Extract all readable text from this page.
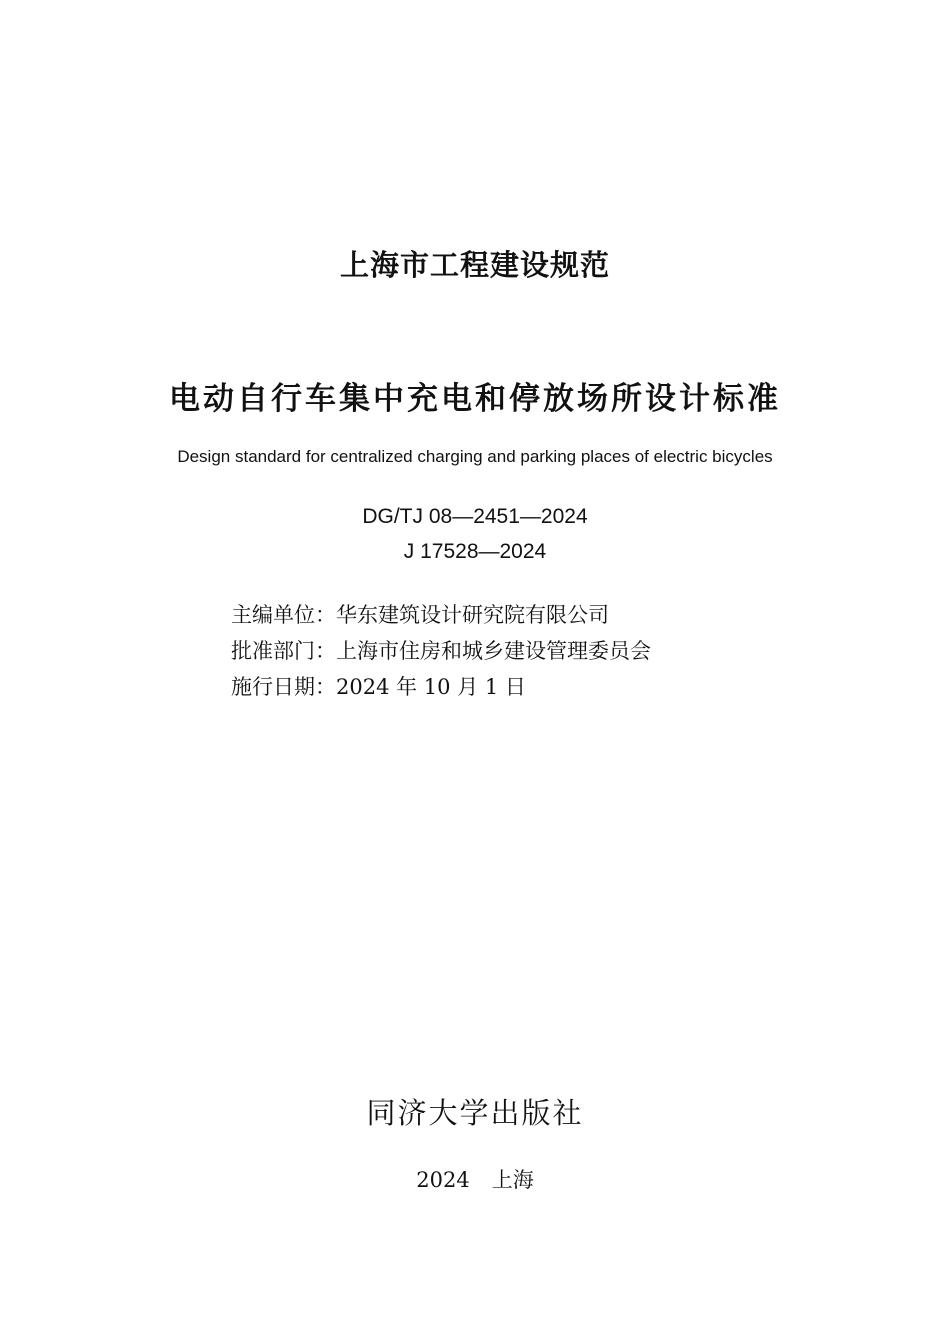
上海市工程建设规范
电动自行车集中充电和停放场所设计标准

Design standard for centralized charging and parking places of electric bicycles

DG/TJ 08—2451—2024

J 17528—2024

主编单位：华东建筑设计研究院有限公司
批准部门：上海市住房和城乡建设管理委员会
施行日期：2024 年 10 月 1 日

同济大学出版社

2024 上海
